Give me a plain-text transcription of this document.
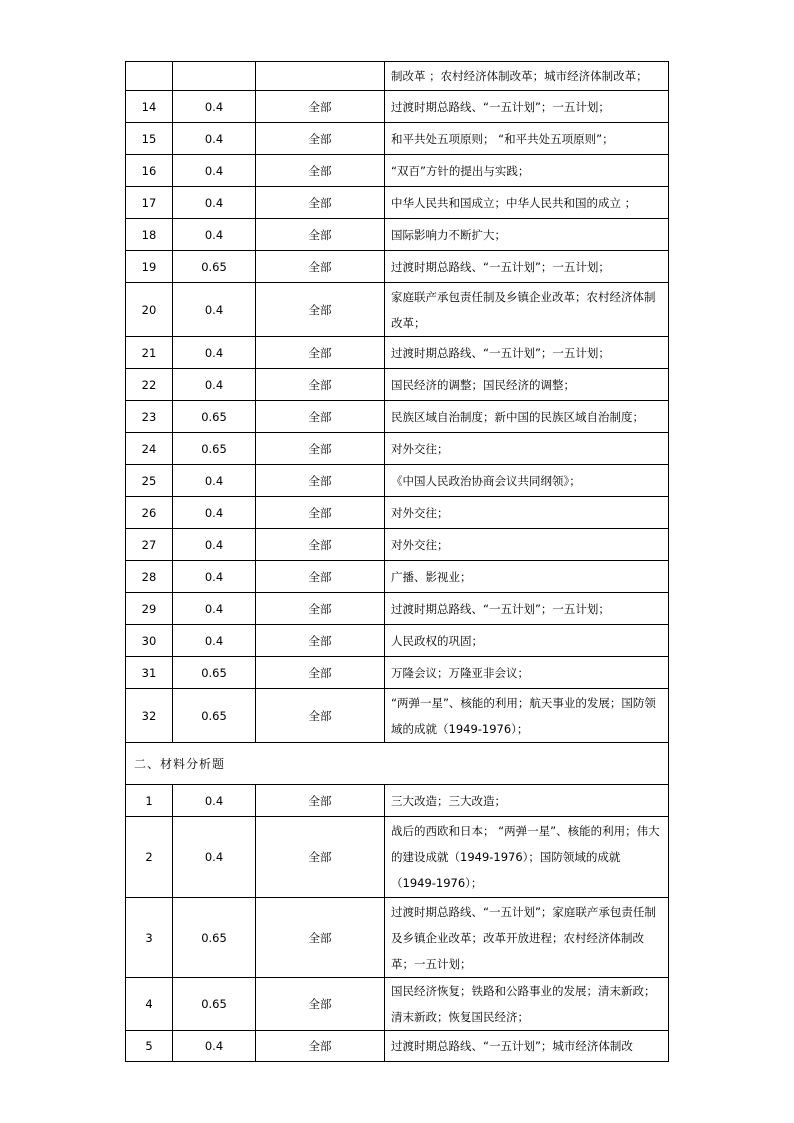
			制改革 ；农村经济体制改革；城市经济体制改革；
14	0.4	全部	过渡时期总路线、“一五计划”；一五计划；
15	0.4	全部	和平共处五项原则； “和平共处五项原则”；
16	0.4	全部	“双百”方针的提出与实践；
17	0.4	全部	中华人民共和国成立；中华人民共和国的成立 ；
18	0.4	全部	国际影响力不断扩大；
19	0.65	全部	过渡时期总路线、“一五计划”；一五计划；
20	0.4	全部	家庭联产承包责任制及乡镇企业改革；农村经济体制改革；
21	0.4	全部	过渡时期总路线、“一五计划”；一五计划；
22	0.4	全部	国民经济的调整；国民经济的调整；
23	0.65	全部	民族区域自治制度；新中国的民族区域自治制度；
24	0.65	全部	对外交往；
25	0.4	全部	《中国人民政治协商会议共同纲领》；
26	0.4	全部	对外交往；
27	0.4	全部	对外交往；
28	0.4	全部	广播、影视业；
29	0.4	全部	过渡时期总路线、“一五计划”；一五计划；
30	0.4	全部	人民政权的巩固；
31	0.65	全部	万隆会议；万隆亚非会议；
32	0.65	全部	“两弹一星”、核能的利用；航天事业的发展；国防领域的成就（1949-1976）；
二、材料分析题			
1	0.4	全部	三大改造；三大改造；
2	0.4	全部	战后的西欧和日本； “两弹一星”、核能的利用；伟大的建设成就（1949-1976）；国防领域的成就（1949-1976）；
3	0.65	全部	过渡时期总路线、“一五计划”；家庭联产承包责任制及乡镇企业改革；改革开放进程；农村经济体制改革；一五计划；
4	0.65	全部	国民经济恢复；铁路和公路事业的发展；清末新政；清末新政；恢复国民经济；
5	0.4	全部	过渡时期总路线、“一五计划”；城市经济体制改
